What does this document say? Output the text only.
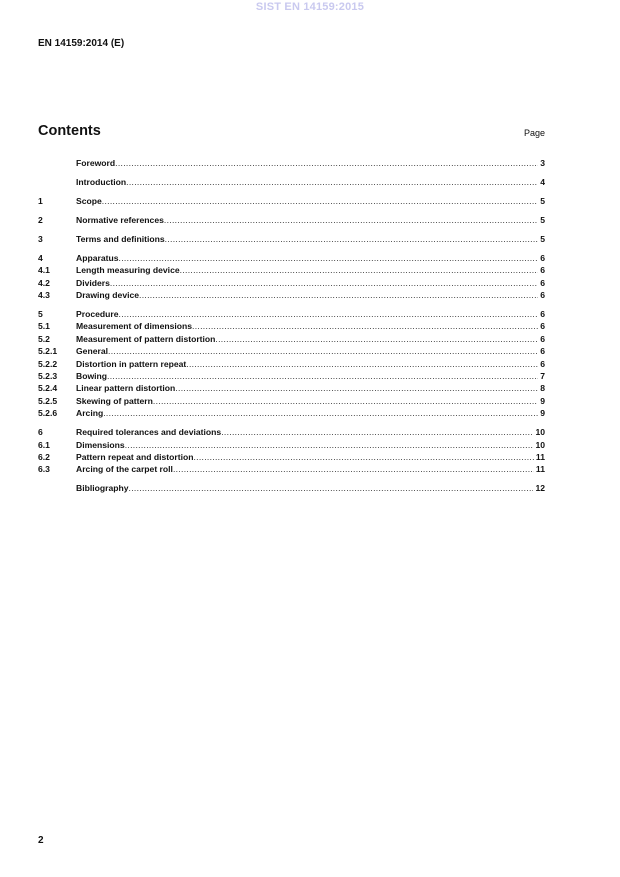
SIST EN 14159:2015
EN 14159:2014 (E)
Contents	Page
Foreword .....	3
Introduction .....	4
1	Scope .....	5
2	Normative references .....	5
3	Terms and definitions .....	5
4	Apparatus .....	6
4.1	Length measuring device .....	6
4.2	Dividers .....	6
4.3	Drawing device .....	6
5	Procedure .....	6
5.1	Measurement of dimensions .....	6
5.2	Measurement of pattern distortion .....	6
5.2.1	General .....	6
5.2.2	Distortion in pattern repeat .....	6
5.2.3	Bowing .....	7
5.2.4	Linear pattern distortion .....	8
5.2.5	Skewing of pattern .....	9
5.2.6	Arcing .....	9
6	Required tolerances and deviations .....	10
6.1	Dimensions .....	10
6.2	Pattern repeat and distortion .....	11
6.3	Arcing of the carpet roll .....	11
Bibliography .....	12
2
